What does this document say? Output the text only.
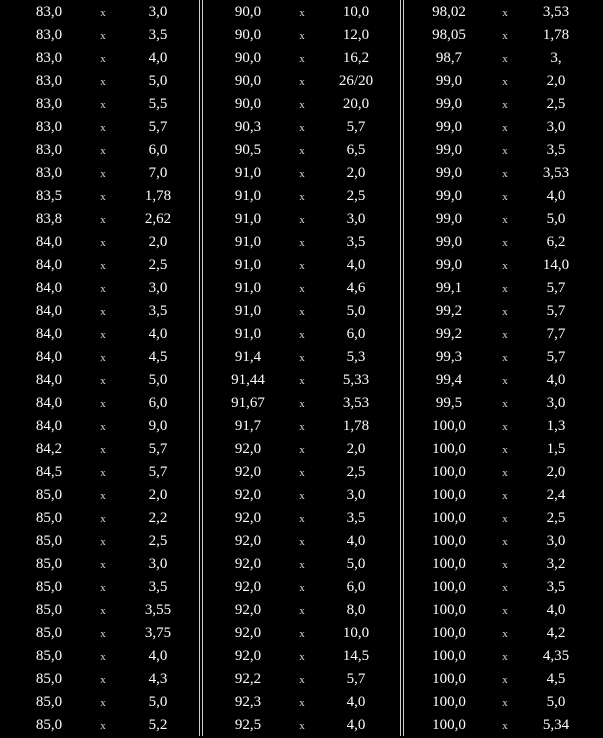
83,0	x	3,0
83,0	x	3,5
83,0	x	4,0
83,0	x	5,0
83,0	x	5,5
83,0	x	5,7
83,0	x	6,0
83,0	x	7,0
83,5	x	1,78
83,8	x	2,62
84,0	x	2,0
84,0	x	2,5
84,0	x	3,0
84,0	x	3,5
84,0	x	4,0
84,0	x	4,5
84,0	x	5,0
84,0	x	6,0
84,0	x	9,0
84,2	x	5,7
84,5	x	5,7
85,0	x	2,0
85,0	x	2,2
85,0	x	2,5
85,0	x	3,0
85,0	x	3,5
85,0	x	3,55
85,0	x	3,75
85,0	x	4,0
85,0	x	4,3
85,0	x	5,0
85,0	x	5,2
90,0	x	10,0
90,0	x	12,0
90,0	x	16,2
90,0	x	26/20
90,0	x	20,0
90,3	x	5,7
90,5	x	6,5
91,0	x	2,0
91,0	x	2,5
91,0	x	3,0
91,0	x	3,5
91,0	x	4,0
91,0	x	4,6
91,0	x	5,0
91,0	x	6,0
91,4	x	5,3
91,44	x	5,33
91,67	x	3,53
91,7	x	1,78
92,0	x	2,0
92,0	x	2,5
92,0	x	3,0
92,0	x	3,5
92,0	x	4,0
92,0	x	5,0
92,0	x	6,0
92,0	x	8,0
92,0	x	10,0
92,0	x	14,5
92,2	x	5,7
92,3	x	4,0
92,5	x	4,0
98,02	x	3,53
98,05	x	1,78
98,7	x	3,
99,0	x	2,0
99,0	x	2,5
99,0	x	3,0
99,0	x	3,5
99,0	x	3,53
99,0	x	4,0
99,0	x	5,0
99,0	x	6,2
99,0	x	14,0
99,1	x	5,7
99,2	x	5,7
99,2	x	7,7
99,3	x	5,7
99,4	x	4,0
99,5	x	3,0
100,0	x	1,3
100,0	x	1,5
100,0	x	2,0
100,0	x	2,4
100,0	x	2,5
100,0	x	3,0
100,0	x	3,2
100,0	x	3,5
100,0	x	4,0
100,0	x	4,2
100,0	x	4,35
100,0	x	4,5
100,0	x	5,0
100,0	x	5,34
